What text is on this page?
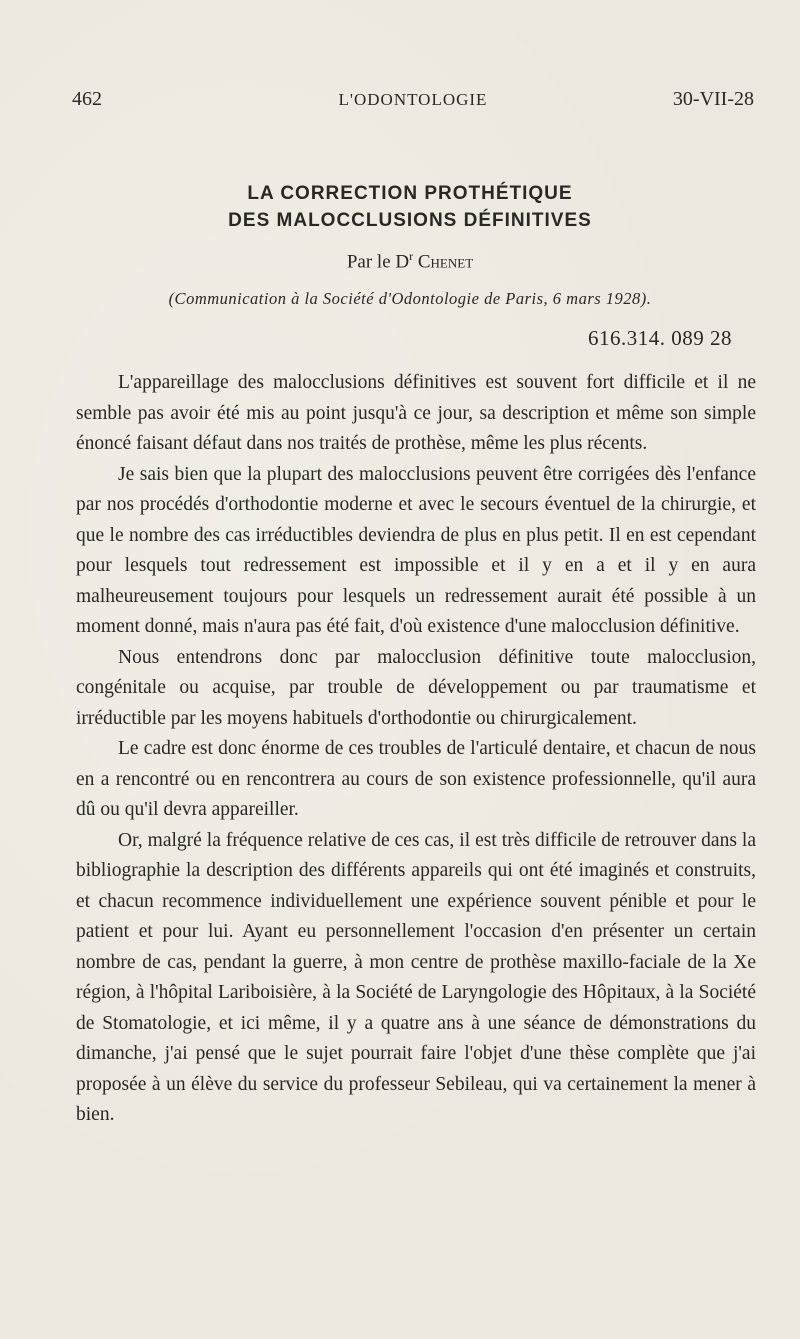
462	L'ODONTOLOGIE	30-VII-28
LA CORRECTION PROTHÉTIQUE
DES MALOCCLUSIONS DÉFINITIVES
Par le $D^r$ Chenet
(Communication à la Société d'Odontologie de Paris, 6 mars 1928).
616.314. 089 28

L'appareillage des malocclusions définitives est souvent fort difficile et il ne semble pas avoir été mis au point jusqu'à ce jour, sa description et même son simple énoncé faisant défaut dans nos traités de prothèse, même les plus récents.

Je sais bien que la plupart des malocclusions peuvent être corrigées dès l'enfance par nos procédés d'orthodontie moderne et avec le secours éventuel de la chirurgie, et que le nombre des cas irréductibles deviendra de plus en plus petit. Il en est cependant pour lesquels tout redressement est impossible et il y en a et il y en aura malheureusement toujours pour lesquels un redressement aurait été possible à un moment donné, mais n'aura pas été fait, d'où existence d'une malocclusion définitive.

Nous entendrons donc par malocclusion définitive toute malocclusion, congénitale ou acquise, par trouble de développement ou par traumatisme et irréductible par les moyens habituels d'orthodontie ou chirurgicalement.

Le cadre est donc énorme de ces troubles de l'articulé dentaire, et chacun de nous en a rencontré ou en rencontrera au cours de son existence professionnelle, qu'il aura dû ou qu'il devra appareiller.

Or, malgré la fréquence relative de ces cas, il est très difficile de retrouver dans la bibliographie la description des différents appareils qui ont été imaginés et construits, et chacun recommence individuellement une expérience souvent pénible et pour le patient et pour lui. Ayant eu personnellement l'occasion d'en présenter un certain nombre de cas, pendant la guerre, à mon centre de prothèse maxillo-faciale de la Xe région, à l'hôpital Lariboisière, à la Société de Laryngologie des Hôpitaux, à la Société de Stomatologie, et ici même, il y a quatre ans à une séance de démonstrations du dimanche, j'ai pensé que le sujet pourrait faire l'objet d'une thèse complète que j'ai proposée à un élève du service du professeur Sebileau, qui va certainement la mener à bien.
